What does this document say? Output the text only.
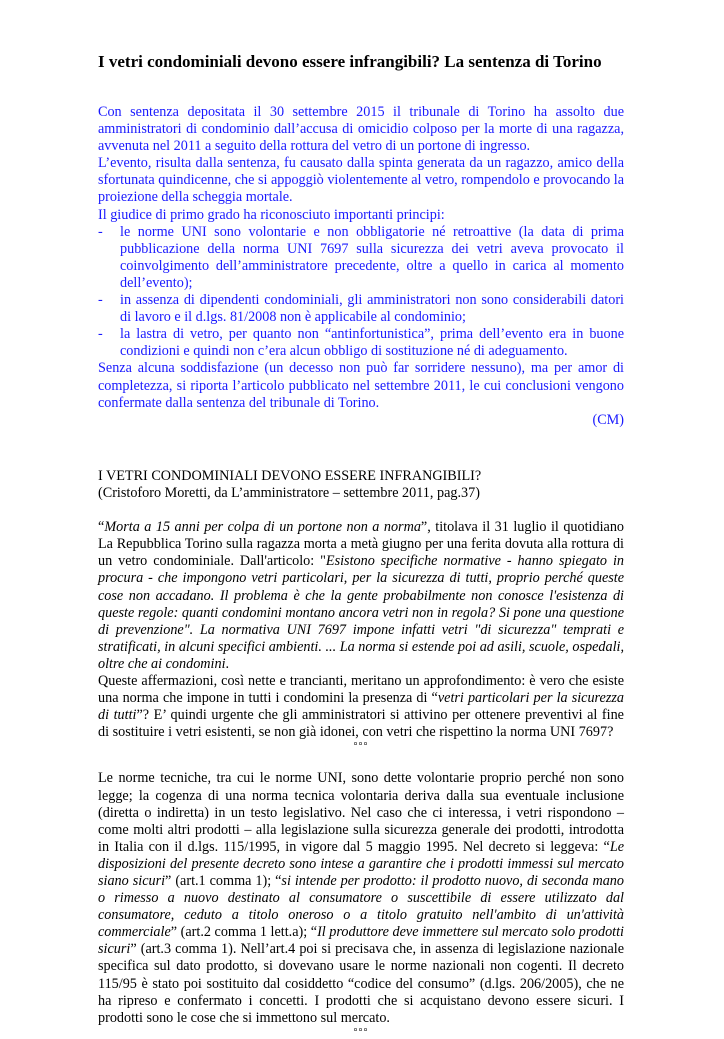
I vetri condominiali devono essere infrangibili? La sentenza di Torino

Con sentenza depositata il 30 settembre 2015 il tribunale di Torino ha assolto due amministratori di condominio dall’accusa di omicidio colposo per la morte di una ragazza, avvenuta nel 2011 a seguito della rottura del vetro di un portone di ingresso.

L’evento, risulta dalla sentenza, fu causato dalla spinta generata da un ragazzo, amico della sfortunata quindicenne, che si appoggiò violentemente al vetro, rompendolo e provocando la proiezione della scheggia mortale.

Il giudice di primo grado ha riconosciuto importanti principi:

-	le norme UNI sono volontarie e non obbligatorie né retroattive (la data di prima pubblicazione della norma UNI 7697 sulla sicurezza dei vetri aveva provocato il coinvolgimento dell’amministratore precedente, oltre a quello in carica al momento dell’evento);
-	in assenza di dipendenti condominiali, gli amministratori non sono considerabili datori di lavoro e il d.lgs. 81/2008 non è applicabile al condominio;
-	la lastra di vetro, per quanto non “antinfortunistica”, prima dell’evento era in buone condizioni e quindi non c’era alcun obbligo di sostituzione né di adeguamento.

Senza alcuna soddisfazione (un decesso non può far sorridere nessuno), ma per amor di completezza, si riporta l’articolo pubblicato nel settembre 2011, le cui conclusioni vengono confermate dalla sentenza del tribunale di Torino.

(CM)

I VETRI CONDOMINIALI DEVONO ESSERE INFRANGIBILI?

(Cristoforo Moretti, da L’amministratore – settembre 2011, pag.37)

“Morta a 15 anni per colpa di un portone non a norma”, titolava il 31 luglio il quotidiano La Repubblica Torino sulla ragazza morta a metà giugno per una ferita dovuta alla rottura di un vetro condominiale. Dall'articolo: "Esistono specifiche normative - hanno spiegato in procura - che impongono vetri particolari, per la sicurezza di tutti, proprio perché queste cose non accadano. Il problema è che la gente probabilmente non conosce l'esistenza di queste regole: quanti condomini montano ancora vetri non in regola? Si pone una questione di prevenzione". La normativa UNI 7697 impone infatti vetri "di sicurezza" temprati e stratificati, in alcuni specifici ambienti. ... La norma si estende poi ad asili, scuole, ospedali, oltre che ai condomini.

Queste affermazioni, così nette e trancianti, meritano un approfondimento: è vero che esiste una norma che impone in tutti i condomini la presenza di “vetri particolari per la sicurezza di tutti”? E’ quindi urgente che gli amministratori si attivino per ottenere preventivi al fine di sostituire i vetri esistenti, se non già idonei, con vetri che rispettino la norma UNI 7697?

°°°

Le norme tecniche, tra cui le norme UNI, sono dette volontarie proprio perché non sono legge; la cogenza di una norma tecnica volontaria deriva dalla sua eventuale inclusione (diretta o indiretta) in un testo legislativo. Nel caso che ci interessa, i vetri rispondono – come molti altri prodotti – alla legislazione sulla sicurezza generale dei prodotti, introdotta in Italia con il d.lgs. 115/1995, in vigore dal 5 maggio 1995. Nel decreto si leggeva: “Le disposizioni del presente decreto sono intese a garantire che i prodotti immessi sul mercato siano sicuri” (art.1 comma 1); “si intende per prodotto: il prodotto nuovo, di seconda mano o rimesso a nuovo destinato al consumatore o suscettibile di essere utilizzato dal consumatore, ceduto a titolo oneroso o a titolo gratuito nell'ambito di un'attività commerciale” (art.2 comma 1 lett.a); “Il produttore deve immettere sul mercato solo prodotti sicuri” (art.3 comma 1). Nell’art.4 poi si precisava che, in assenza di legislazione nazionale specifica sul dato prodotto, si dovevano usare le norme nazionali non cogenti. Il decreto 115/95 è stato poi sostituito dal cosiddetto “codice del consumo” (d.lgs. 206/2005), che ne ha ripreso e confermato i concetti. I prodotti che si acquistano devono essere sicuri. I prodotti sono le cose che si immettono sul mercato.

°°°
